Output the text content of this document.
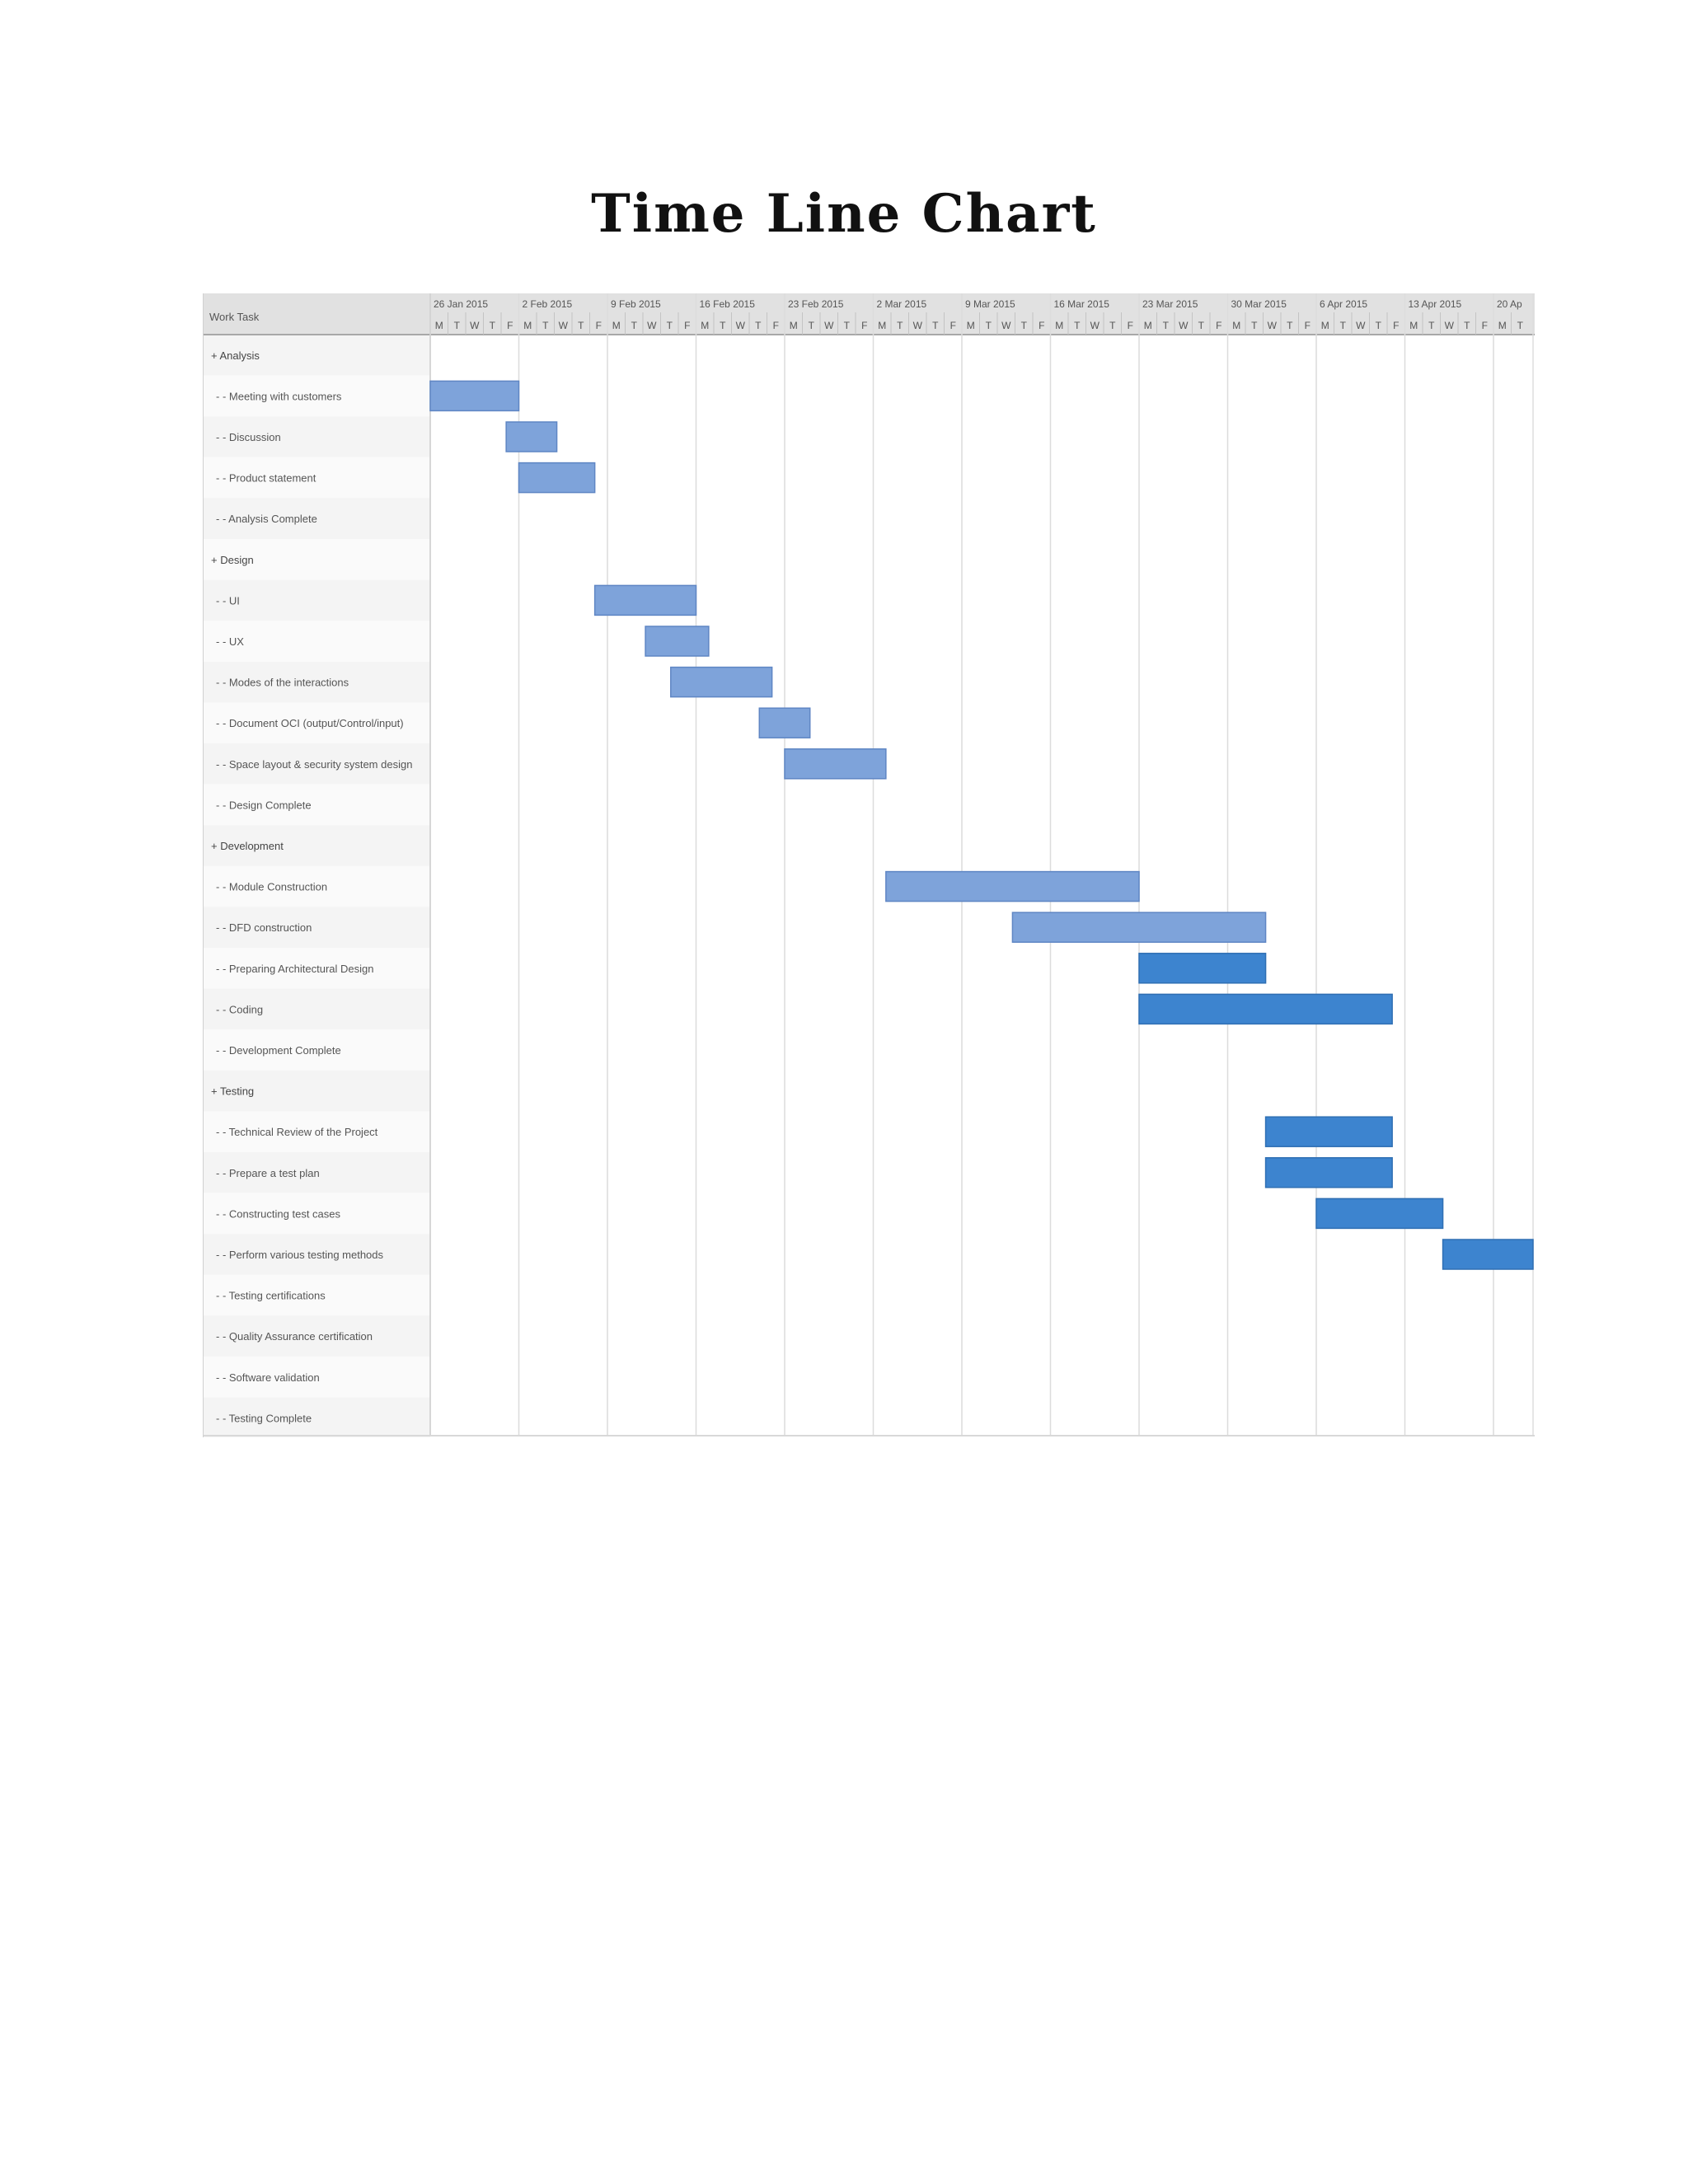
Time Line Chart
Work Task
26 Jan 2015
M T W T F
2 Feb 2015
M T W T F
9 Feb 2015
M T W T F
16 Feb 2015
M T W T F
23 Feb 2015
M T W T F
2 Mar 2015
M T W T F
9 Mar 2015
M T W T F
16 Mar 2015
M T W T F
23 Mar 2015
M T W T F
30 Mar 2015
M T W T F
6 Apr 2015
M T W T F
13 Apr 2015
M T W T F
20 Ap
M T
+ Analysis
- - Meeting with customers
- - Discussion
- - Product statement
- - Analysis Complete
+ Design
- - UI
- - UX
- - Modes of the interactions
- - Document OCI (output/Control/input)
- - Space layout & security system design
- - Design Complete
+ Development
- - Module Construction
- - DFD construction
- - Preparing Architectural Design
- - Coding
- - Development Complete
+ Testing
- - Technical Review of the Project
- - Prepare a test plan
- - Constructing test cases
- - Perform various testing methods
- - Testing certifications
- - Quality Assurance certification
- - Software validation
- - Testing Complete
